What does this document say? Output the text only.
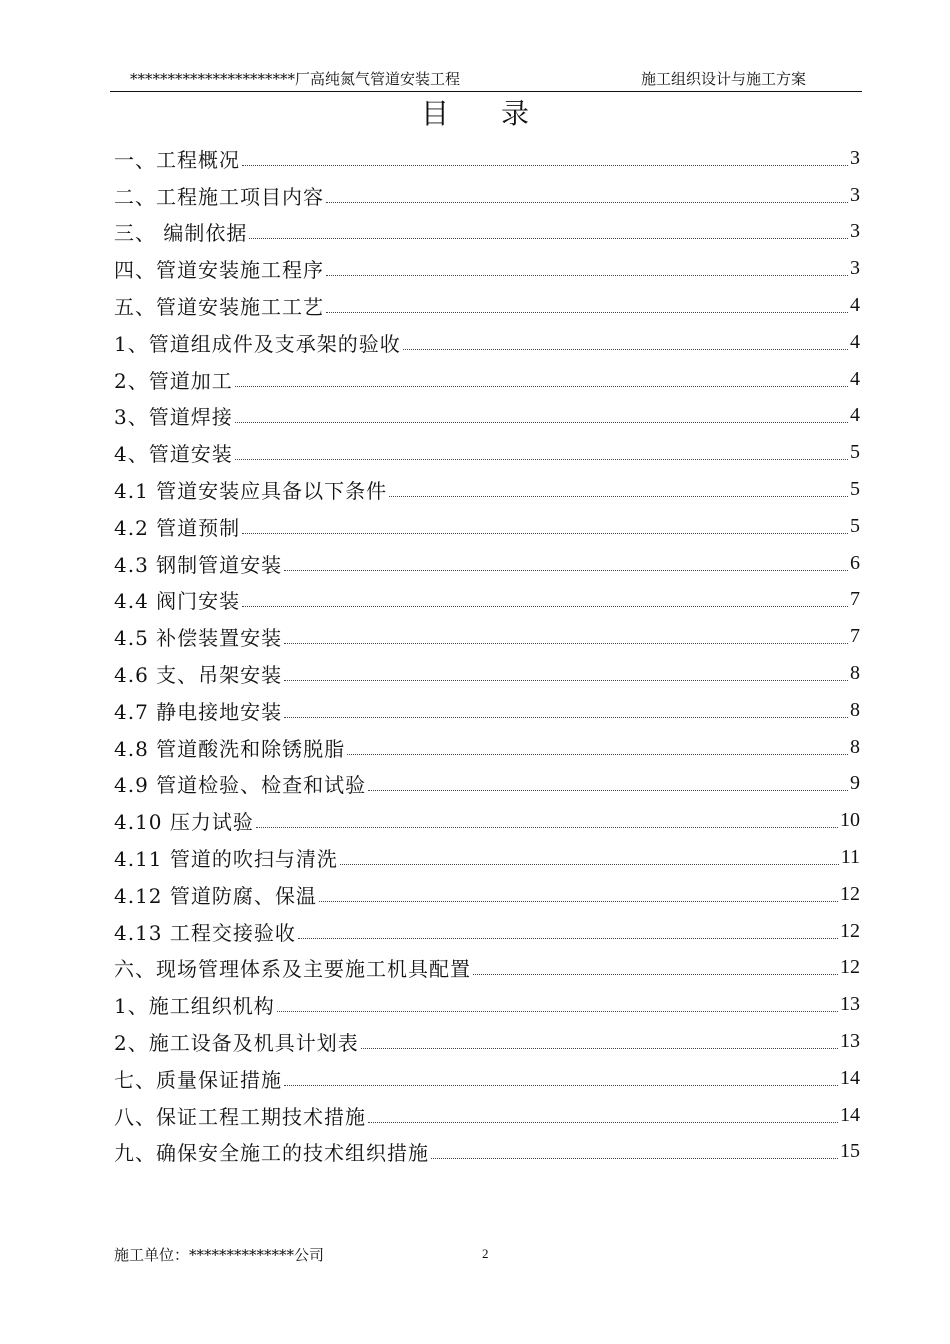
**********************厂高纯氮气管道安装工程	施工组织设计与施工方案
目录
一、工程概况	3
二、工程施工项目内容	3
三、 编制依据	3
四、管道安装施工程序	3
五、管道安装施工工艺	4
1、管道组成件及支承架的验收	4
2、管道加工	4
3、管道焊接	4
4、管道安装	5
4.1 管道安装应具备以下条件	5
4.2 管道预制	5
4.3 钢制管道安装	6
4.4 阀门安装	7
4.5 补偿装置安装	7
4.6 支、吊架安装	8
4.7 静电接地安装	8
4.8 管道酸洗和除锈脱脂	8
4.9 管道检验、检查和试验	9
4.10 压力试验	10
4.11 管道的吹扫与清洗	11
4.12 管道防腐、保温	12
4.13 工程交接验收	12
六、现场管理体系及主要施工机具配置	12
1、施工组织机构	13
2、施工设备及机具计划表	13
七、质量保证措施	14
八、保证工程工期技术措施	14
九、确保安全施工的技术组织措施	15
施工单位：**************公司	2
